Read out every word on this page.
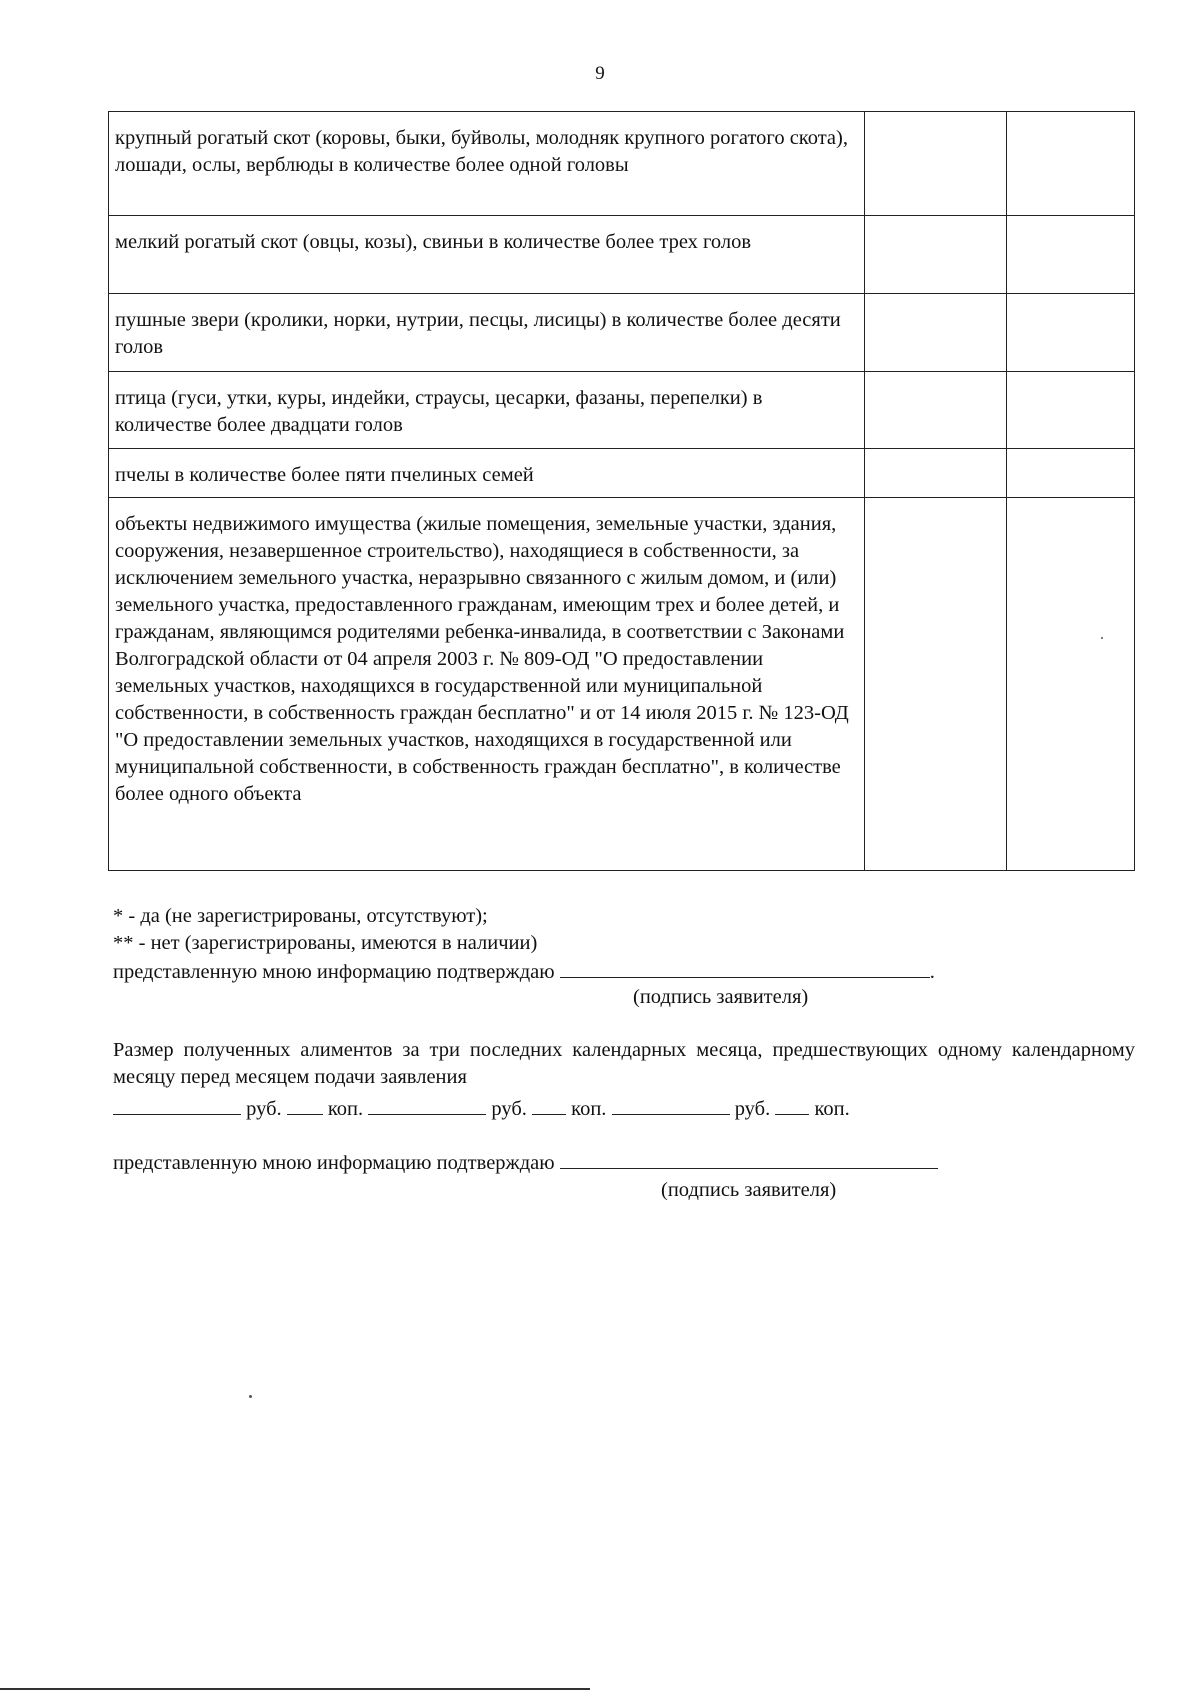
9
крупный рогатый скот (коровы, быки, буйволы, молодняк крупного рогатого скота), лошади, ослы, верблюды в количестве более одной головы		
мелкий рогатый скот (овцы, козы), свиньи в количестве более трех голов		
пушные звери (кролики, норки, нутрии, песцы, лисицы) в количестве более десяти голов		
птица (гуси, утки, куры, индейки, страусы, цесарки, фазаны, перепелки) в количестве более двадцати голов		
пчелы в количестве более пяти пчелиных семей		
объекты недвижимого имущества (жилые помещения, земельные участки, здания, сооружения, незавершенное строительство), находящиеся в собственности, за исключением земельного участка, неразрывно связанного с жилым домом, и (или) земельного участка, предоставленного гражданам, имеющим трех и более детей, и гражданам, являющимся родителями ребенка-инвалида, в соответствии с Законами Волгоградской области от 04 апреля 2003 г. № 809-ОД "О предоставлении земельных участков, находящихся в государственной или муниципальной собственности, в собственность граждан бесплатно" и от 14 июля 2015 г. № 123-ОД "О предоставлении земельных участков, находящихся в государственной или муниципальной собственности, в собственность граждан бесплатно", в количестве более одного объекта		
* - да (не зарегистрированы, отсутствуют);
** - нет (зарегистрированы, имеются в наличии)
представленную мною информацию подтверждаю	.
(подпись заявителя)
Размер полученных алиментов за три последних календарных месяца, предшествующих одному календарному месяцу перед месяцем подачи заявления
руб. коп.	руб. коп.	руб. коп.
представленную мною информацию подтверждаю
(подпись заявителя)
